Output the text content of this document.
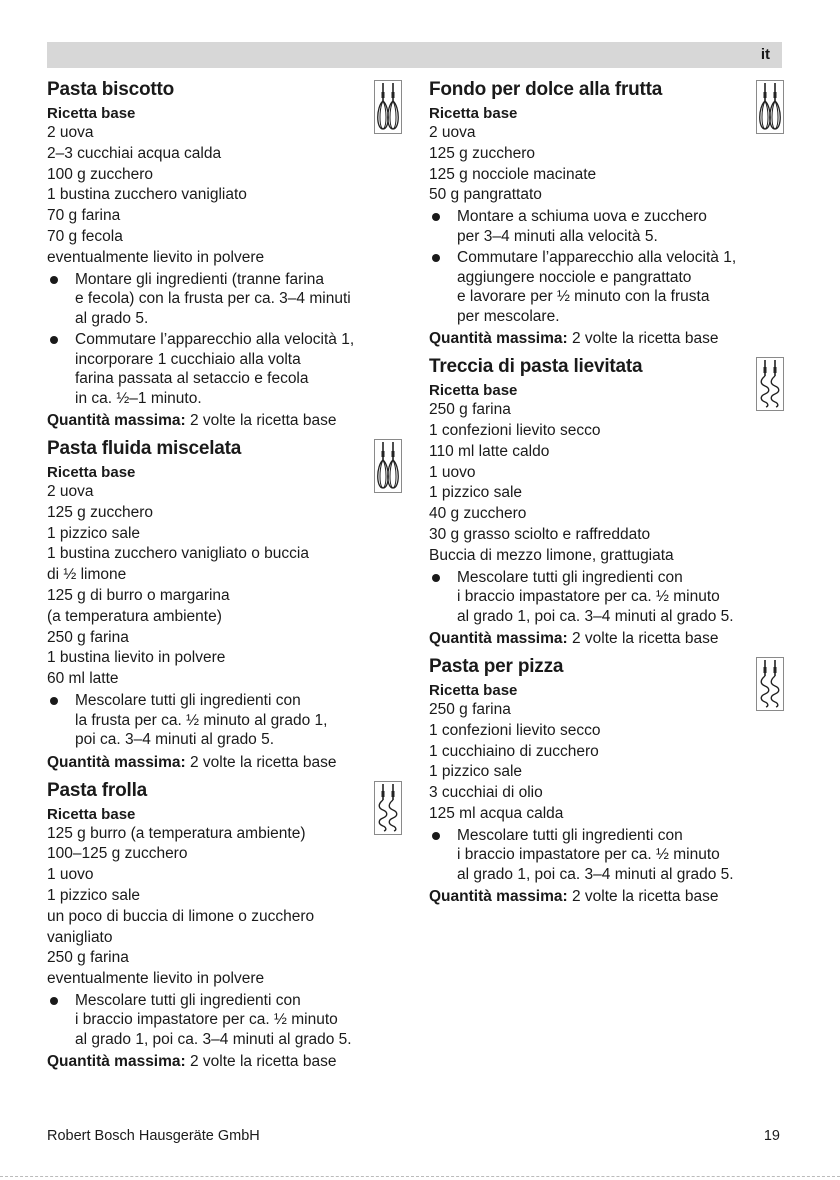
it
Pasta biscotto
Ricetta base
2 uova
2–3 cucchiai acqua calda
100 g zucchero
1 bustina zucchero vanigliato
70 g farina
70 g fecola
eventualmente lievito in polvere
Montare gli ingredienti (tranne farina
e fecola) con la frusta per ca. 3–4 minuti
al grado 5.
Commutare l’apparecchio alla velocità 1,
incorporare 1 cucchiaio alla volta
farina passata al setaccio e fecola
in ca. ½–1 minuto.
Quantità massima: 2 volte la ricetta base
Pasta fluida miscelata
Ricetta base
2 uova
125 g zucchero
1 pizzico sale
1 bustina zucchero vanigliato o buccia
di ½ limone
125 g di burro o margarina
(a temperatura ambiente)
250 g farina
1 bustina lievito in polvere
60 ml latte
Mescolare tutti gli ingredienti con
la frusta per ca. ½ minuto al grado 1,
poi ca. 3–4 minuti al grado 5.
Quantità massima: 2 volte la ricetta base
Pasta frolla
Ricetta base
125 g burro (a temperatura ambiente)
100–125 g zucchero
1 uovo
1 pizzico sale
un poco di buccia di limone o zucchero
vanigliato
250 g farina
eventualmente lievito in polvere
Mescolare tutti gli ingredienti con
i braccio impastatore per ca. ½ minuto
al grado 1, poi ca. 3–4 minuti al grado 5.
Quantità massima: 2 volte la ricetta base
Fondo per dolce alla frutta
Ricetta base
2 uova
125 g zucchero
125 g nocciole macinate
50 g pangrattato
Montare a schiuma uova e zucchero
per 3–4 minuti alla velocità 5.
Commutare l’apparecchio alla velocità 1,
aggiungere nocciole e pangrattato
e lavorare per ½ minuto con la frusta
per mescolare.
Quantità massima: 2 volte la ricetta base
Treccia di pasta lievitata
Ricetta base
250 g farina
1 confezioni lievito secco
110 ml latte caldo
1 uovo
1 pizzico sale
40 g zucchero
30 g grasso sciolto e raffreddato
Buccia di mezzo limone, grattugiata
Mescolare tutti gli ingredienti con
i braccio impastatore per ca. ½ minuto
al grado 1, poi ca. 3–4 minuti al grado 5.
Quantità massima: 2 volte la ricetta base
Pasta per pizza
Ricetta base
250 g farina
1 confezioni lievito secco
1 cucchiaino di zucchero
1 pizzico sale
3 cucchiai di olio
125 ml acqua calda
Mescolare tutti gli ingredienti con
i braccio impastatore per ca. ½ minuto
al grado 1, poi ca. 3–4 minuti al grado 5.
Quantità massima: 2 volte la ricetta base
Robert Bosch Hausgeräte GmbH	19
